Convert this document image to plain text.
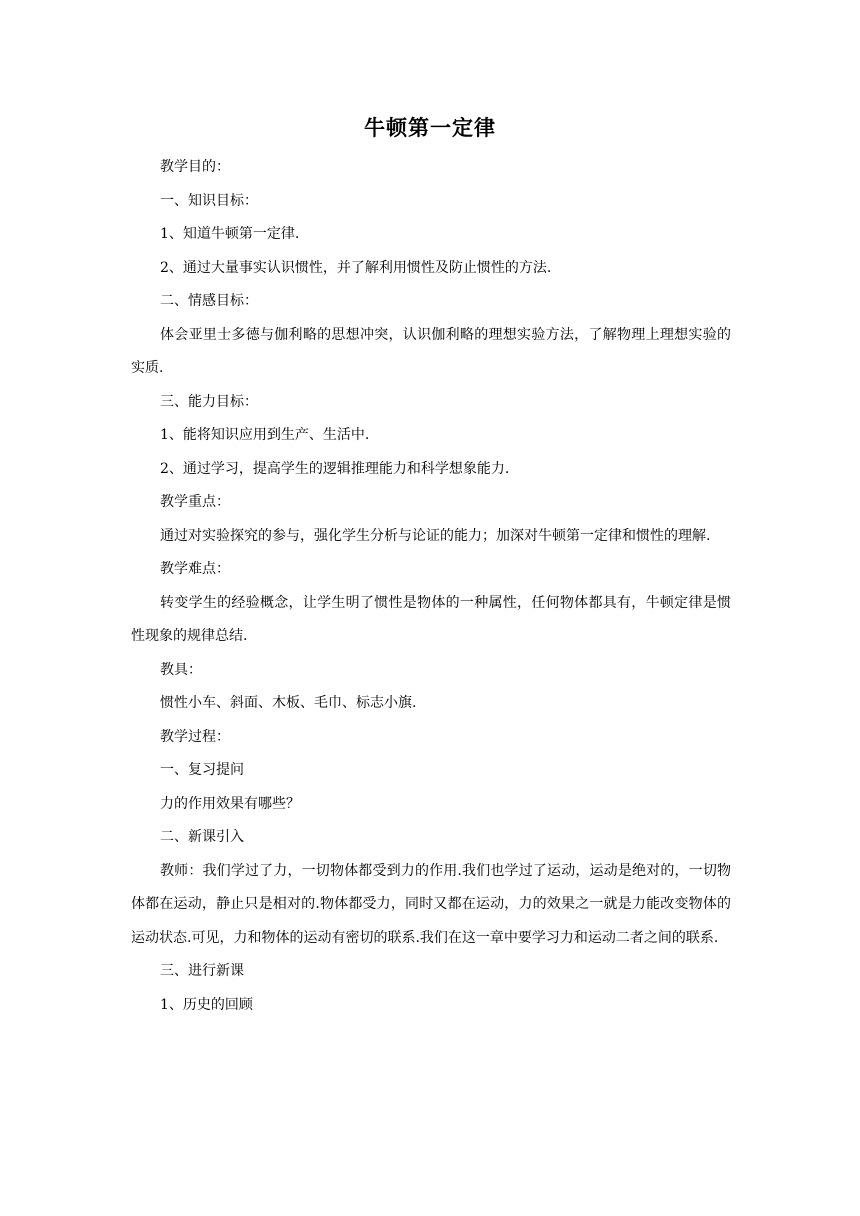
牛顿第一定律

教学目的：

一、知识目标：

1、知道牛顿第一定律.

2、通过大量事实认识惯性，并了解利用惯性及防止惯性的方法.

二、情感目标：

体会亚里士多德与伽利略的思想冲突，认识伽利略的理想实验方法，了解物理上理想实验的实质.

三、能力目标：

1、能将知识应用到生产、生活中.

2、通过学习，提高学生的逻辑推理能力和科学想象能力.

教学重点：

通过对实验探究的参与，强化学生分析与论证的能力；加深对牛顿第一定律和惯性的理解.

教学难点：

转变学生的经验概念，让学生明了惯性是物体的一种属性，任何物体都具有，牛顿定律是惯性现象的规律总结.

教具：

惯性小车、斜面、木板、毛巾、标志小旗.

教学过程：

一、复习提问

力的作用效果有哪些？

二、新课引入

教师：我们学过了力，一切物体都受到力的作用.我们也学过了运动，运动是绝对的，一切物体都在运动，静止只是相对的.物体都受力，同时又都在运动，力的效果之一就是力能改变物体的运动状态.可见，力和物体的运动有密切的联系.我们在这一章中要学习力和运动二者之间的联系.

三、进行新课

1、历史的回顾
